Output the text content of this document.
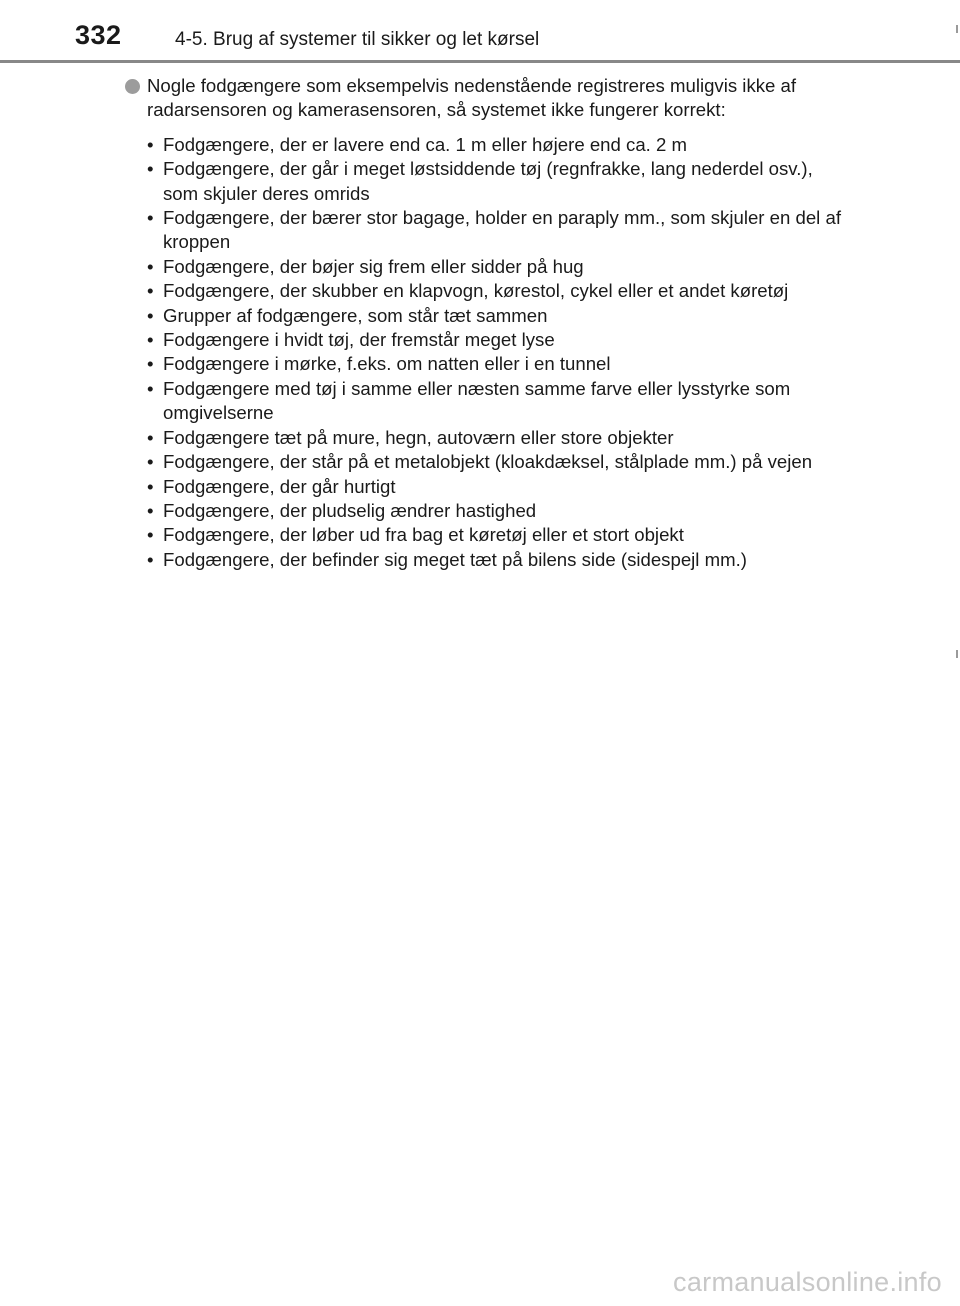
332	4-5. Brug af systemer til sikker og let kørsel
Nogle fodgængere som eksempelvis nedenstående registreres muligvis ikke af radarsensoren og kamerasensoren, så systemet ikke fungerer korrekt:
• Fodgængere, der er lavere end ca. 1 m eller højere end ca. 2 m
• Fodgængere, der går i meget løstsiddende tøj (regnfrakke, lang nederdel osv.), som skjuler deres omrids
• Fodgængere, der bærer stor bagage, holder en paraply mm., som skjuler en del af kroppen
• Fodgængere, der bøjer sig frem eller sidder på hug
• Fodgængere, der skubber en klapvogn, kørestol, cykel eller et andet køretøj
• Grupper af fodgængere, som står tæt sammen
• Fodgængere i hvidt tøj, der fremstår meget lyse
• Fodgængere i mørke, f.eks. om natten eller i en tunnel
• Fodgængere med tøj i samme eller næsten samme farve eller lysstyrke som omgivelserne
• Fodgængere tæt på mure, hegn, autoværn eller store objekter
• Fodgængere, der står på et metalobjekt (kloakdæksel, stålplade mm.) på vejen
• Fodgængere, der går hurtigt
• Fodgængere, der pludselig ændrer hastighed
• Fodgængere, der løber ud fra bag et køretøj eller et stort objekt
• Fodgængere, der befinder sig meget tæt på bilens side (sidespejl mm.)
carmanualsonline.info
